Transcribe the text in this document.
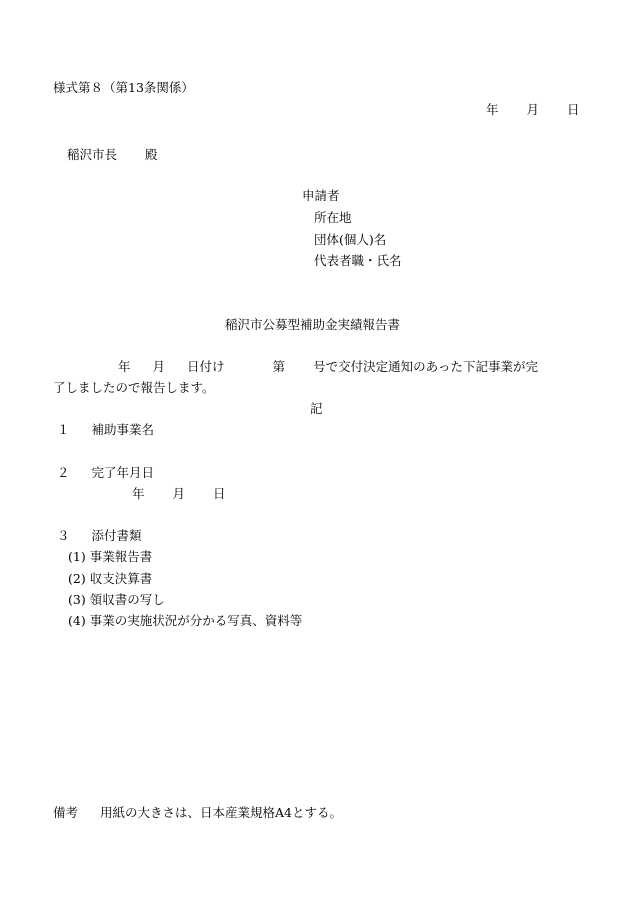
様式第８（第13条関係）
年 月 日
稲沢市長 殿
申請者
所在地
団体(個人)名
代表者職・氏名
稲沢市公募型補助金実績報告書
年 月 日付け	第 号で交付決定通知のあった下記事業が完
了しましたので報告します。
記
１ 補助事業名
２ 完了年月日
年 月 日
３ 添付書類
(1) 事業報告書
(2) 収支決算書
(3) 領収書の写し
(4) 事業の実施状況が分かる写真、資料等
備考 用紙の大きさは、日本産業規格A4とする。
